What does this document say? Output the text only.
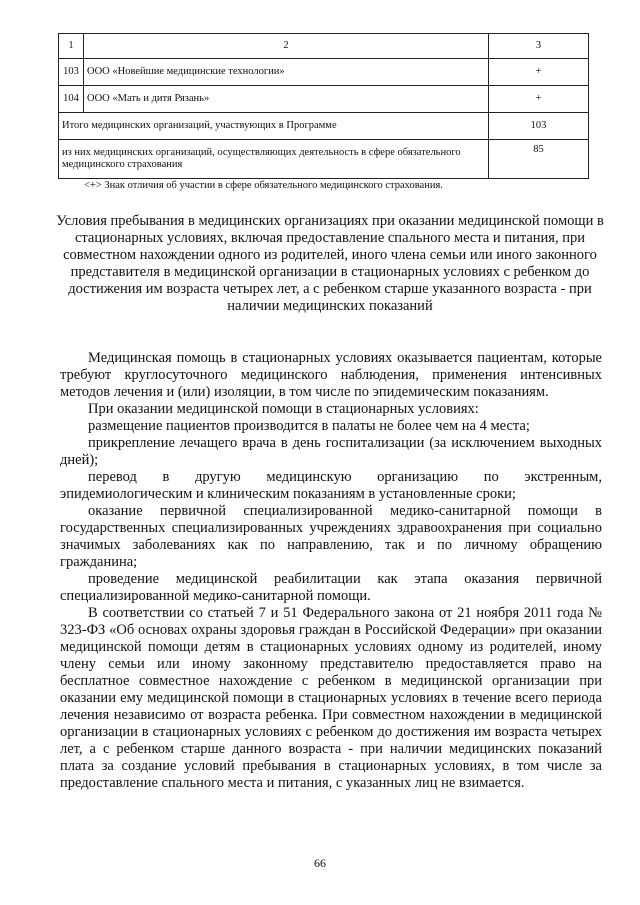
1	2	3
103	ООО «Новейшие медицинские технологии»	+
104	ООО «Мать и дитя Рязань»	+
Итого медицинских организаций, участвующих в Программе		103
из них медицинских организаций, осуществляющих деятельность в сфере обязательного медицинского страхования		85
<+> Знак отличия об участии в сфере обязательного медицинского страхования.
Условия пребывания в медицинских организациях при оказании медицинской помощи в стационарных условиях, включая предоставление спального места и питания, при совместном нахождении одного из родителей, иного члена семьи или иного законного представителя в медицинской организации в стационарных условиях с ребенком до достижения им возраста четырех лет, а с ребенком старше указанного возраста - при наличии медицинских показаний

Медицинская помощь в стационарных условиях оказывается пациентам, которые требуют круглосуточного медицинского наблюдения, применения интенсивных методов лечения и (или) изоляции, в том числе по эпидемическим показаниям.

При оказании медицинской помощи в стационарных условиях:

размещение пациентов производится в палаты не более чем на 4 места;

прикрепление лечащего врача в день госпитализации (за исключением выходных дней);

перевод в другую медицинскую организацию по экстренным, эпидемиологическим и клиническим показаниям в установленные сроки;

оказание первичной специализированной медико-санитарной помощи в государственных специализированных учреждениях здравоохранения при социально значимых заболеваниях как по направлению, так и по личному обращению гражданина;

проведение медицинской реабилитации как этапа оказания первичной специализированной медико-санитарной помощи.

В соответствии со статьей 7 и 51 Федерального закона от 21 ноября 2011 года № 323-ФЗ «Об основах охраны здоровья граждан в Российской Федерации» при оказании медицинской помощи детям в стационарных условиях одному из родителей, иному члену семьи или иному законному представителю предоставляется право на бесплатное совместное нахождение с ребенком в медицинской организации при оказании ему медицинской помощи в стационарных условиях в течение всего периода лечения независимо от возраста ребенка. При совместном нахождении в медицинской организации в стационарных условиях с ребенком до достижения им возраста четырех лет, а с ребенком старше данного возраста - при наличии медицинских показаний плата за создание условий пребывания в стационарных условиях, в том числе за предоставление спального места и питания, с указанных лиц не взимается.

66
